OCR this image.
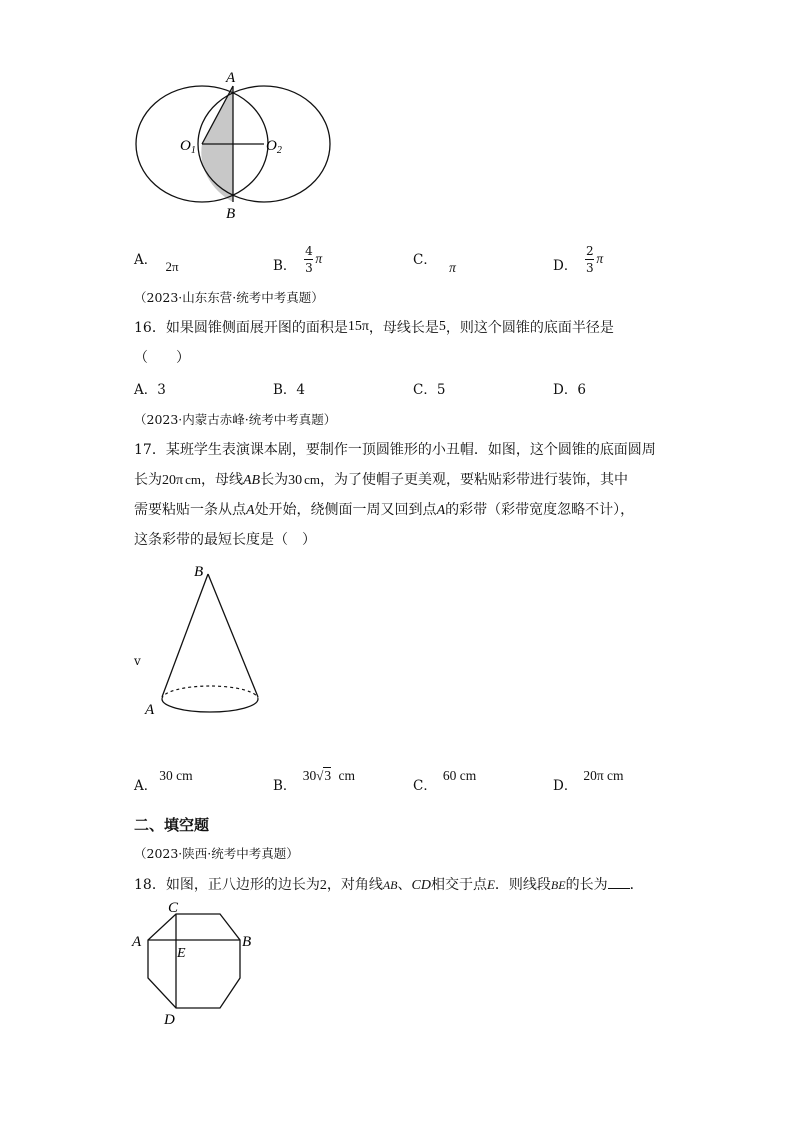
A
B
$O_1$	$O_2$
A． 2π	B． $\frac{4}{3}$ π	C． π	D． $\frac{2}{3}$ π
（2023·山东东营·统考中考真题）
16．如果圆锥侧面展开图的面积是15π，母线长是5，则这个圆锥的底面半径是
（　　）
A．3	B．4	C．5	D．6
（2023·内蒙古赤峰·统考中考真题）
17．某班学生表演课本剧，要制作一顶圆锥形的小丑帽．如图，这个圆锥的底面圆周
长为20π cm，母线AB长为30 cm，为了使帽子更美观，要粘贴彩带进行装饰，其中
需要粘贴一条从点A处开始，绕侧面一周又回到点A的彩带（彩带宽度忽略不计），
这条彩带的最短长度是（　）
B
A
v
A．30 cm
B． 30√3 cm
C．60 cm
D．20π cm
二、填空题
（2023·陕西·统考中考真题）
18．如图，正八边形的边长为2，对角线AB、CD相交于点E．则线段BE的长为 ．
C
A	B
E
D
